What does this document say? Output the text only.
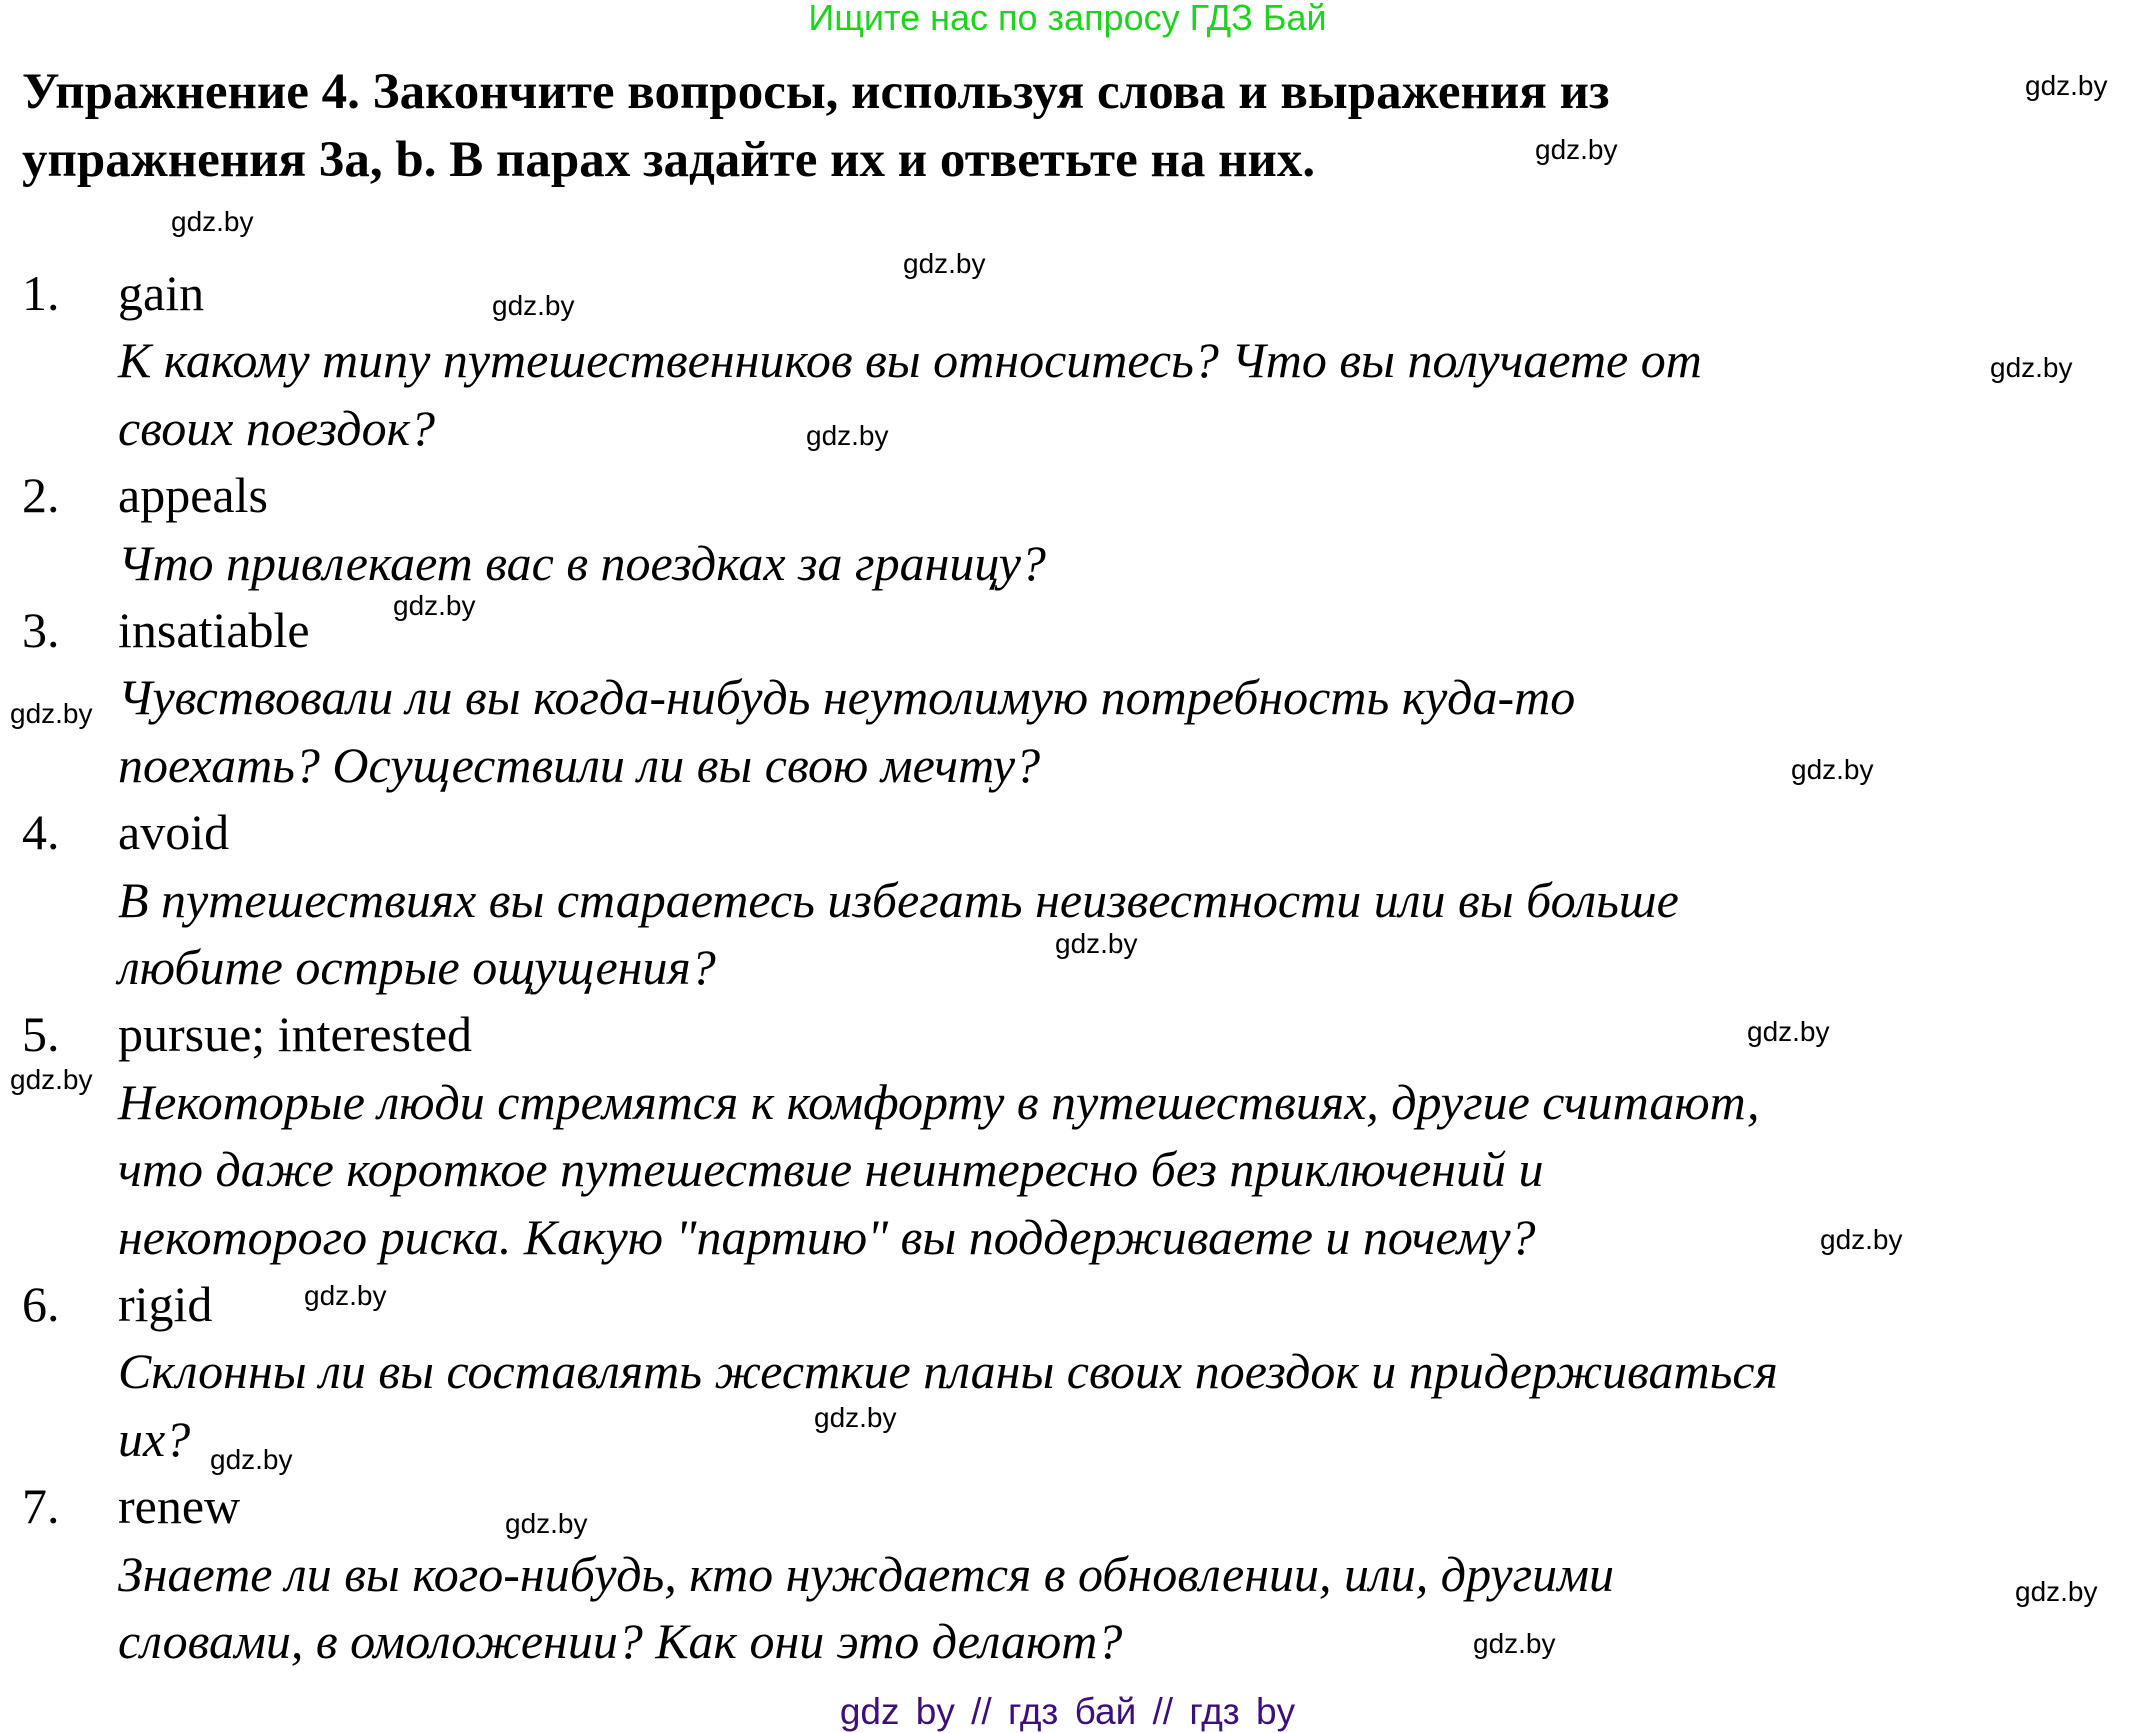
Ищите нас по запросу ГДЗ Бай
Упражнение 4. Закончите вопросы, используя слова и выражения из
упражнения 3a, b. В парах задайте их и ответьте на них.
1. gain
К какому типу путешественников вы относитесь? Что вы получаете от
своих поездок?
2. appeals
Что привлекает вас в поездках за границу?
3. insatiable
Чувствовали ли вы когда-нибудь неутолимую потребность куда-то
поехать? Осуществили ли вы свою мечту?
4. avoid
В путешествиях вы стараетесь избегать неизвестности или вы больше
любите острые ощущения?
5. pursue; interested
Некоторые люди стремятся к комфорту в путешествиях, другие считают,
что даже короткое путешествие неинтересно без приключений и
некоторого риска. Какую "партию" вы поддерживаете и почему?
6. rigid
Склонны ли вы составлять жесткие планы своих поездок и придерживаться
их?
7. renew
Знаете ли вы кого-нибудь, кто нуждается в обновлении, или, другими
словами, в омоложении? Как они это делают?
gdz.by
gdz.by
gdz.by
gdz.by
gdz.by
gdz.by
gdz.by
gdz.by
gdz.by
gdz.by
gdz.by
gdz.by
gdz.by
gdz.by
gdz.by
gdz.by
gdz.by
gdz.by
gdz.by
gdz.by
gdz by // гдз бай // гдз by
